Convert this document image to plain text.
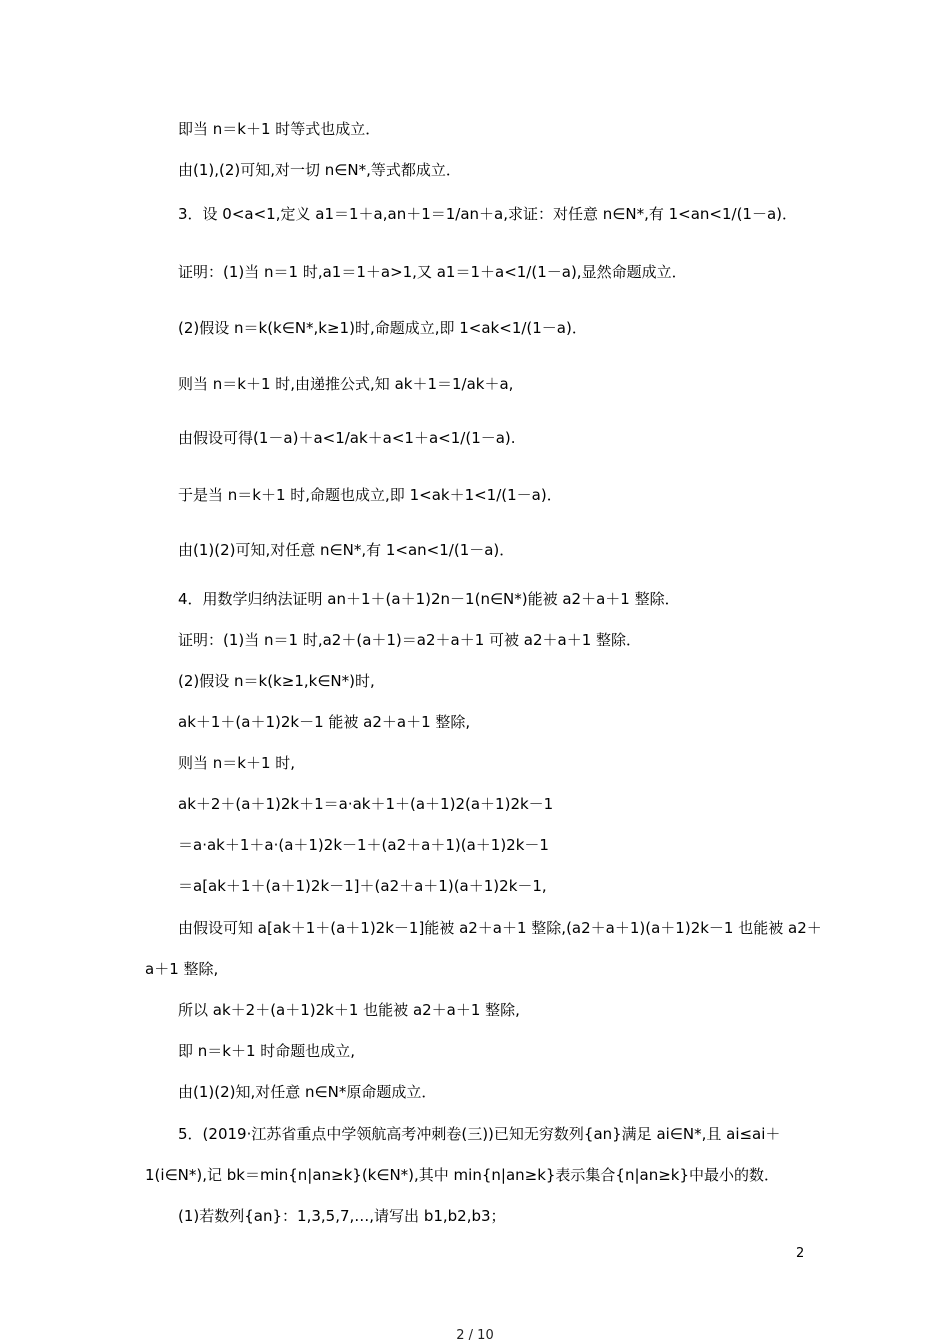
即当 n＝k＋1 时等式也成立．
由(1),(2)可知,对一切 n∈N*,等式都成立．
3．设 0<a<1,定义 a1＝1＋a,an＋1＝1/an＋a,求证：对任意 n∈N*,有 1<an<1/(1－a)．
证明：(1)当 n＝1 时,a1＝1＋a>1,又 a1＝1＋a<1/(1－a),显然命题成立．
(2)假设 n＝k(k∈N*,k≥1)时,命题成立,即 1<ak<1/(1－a)．
则当 n＝k＋1 时,由递推公式,知 ak＋1＝1/ak＋a,
由假设可得(1－a)＋a<1/ak＋a<1＋a<1/(1－a).
于是当 n＝k＋1 时,命题也成立,即 1<ak＋1<1/(1－a)．
由(1)(2)可知,对任意 n∈N*,有 1<an<1/(1－a)．
4．用数学归纳法证明 an＋1＋(a＋1)2n－1(n∈N*)能被 a2＋a＋1 整除．
证明：(1)当 n＝1 时,a2＋(a＋1)＝a2＋a＋1 可被 a2＋a＋1 整除．
(2)假设 n＝k(k≥1,k∈N*)时,
ak＋1＋(a＋1)2k－1 能被 a2＋a＋1 整除,
则当 n＝k＋1 时,
ak＋2＋(a＋1)2k＋1＝a·ak＋1＋(a＋1)2(a＋1)2k－1
＝a·ak＋1＋a·(a＋1)2k－1＋(a2＋a＋1)(a＋1)2k－1
＝a[ak＋1＋(a＋1)2k－1]＋(a2＋a＋1)(a＋1)2k－1,
由假设可知 a[ak＋1＋(a＋1)2k－1]能被 a2＋a＋1 整除,(a2＋a＋1)(a＋1)2k－1 也能被 a2＋
a＋1 整除,
所以 ak＋2＋(a＋1)2k＋1 也能被 a2＋a＋1 整除,
即 n＝k＋1 时命题也成立,
由(1)(2)知,对任意 n∈N*原命题成立．
5．(2019·江苏省重点中学领航高考冲刺卷(三))已知无穷数列{an}满足 ai∈N*,且 ai≤ai＋
1(i∈N*),记 bk＝min{n|an≥k}(k∈N*),其中 min{n|an≥k}表示集合{n|an≥k}中最小的数．
(1)若数列{an}：1,3,5,7,…,请写出 b1,b2,b3；
2
2 / 10
